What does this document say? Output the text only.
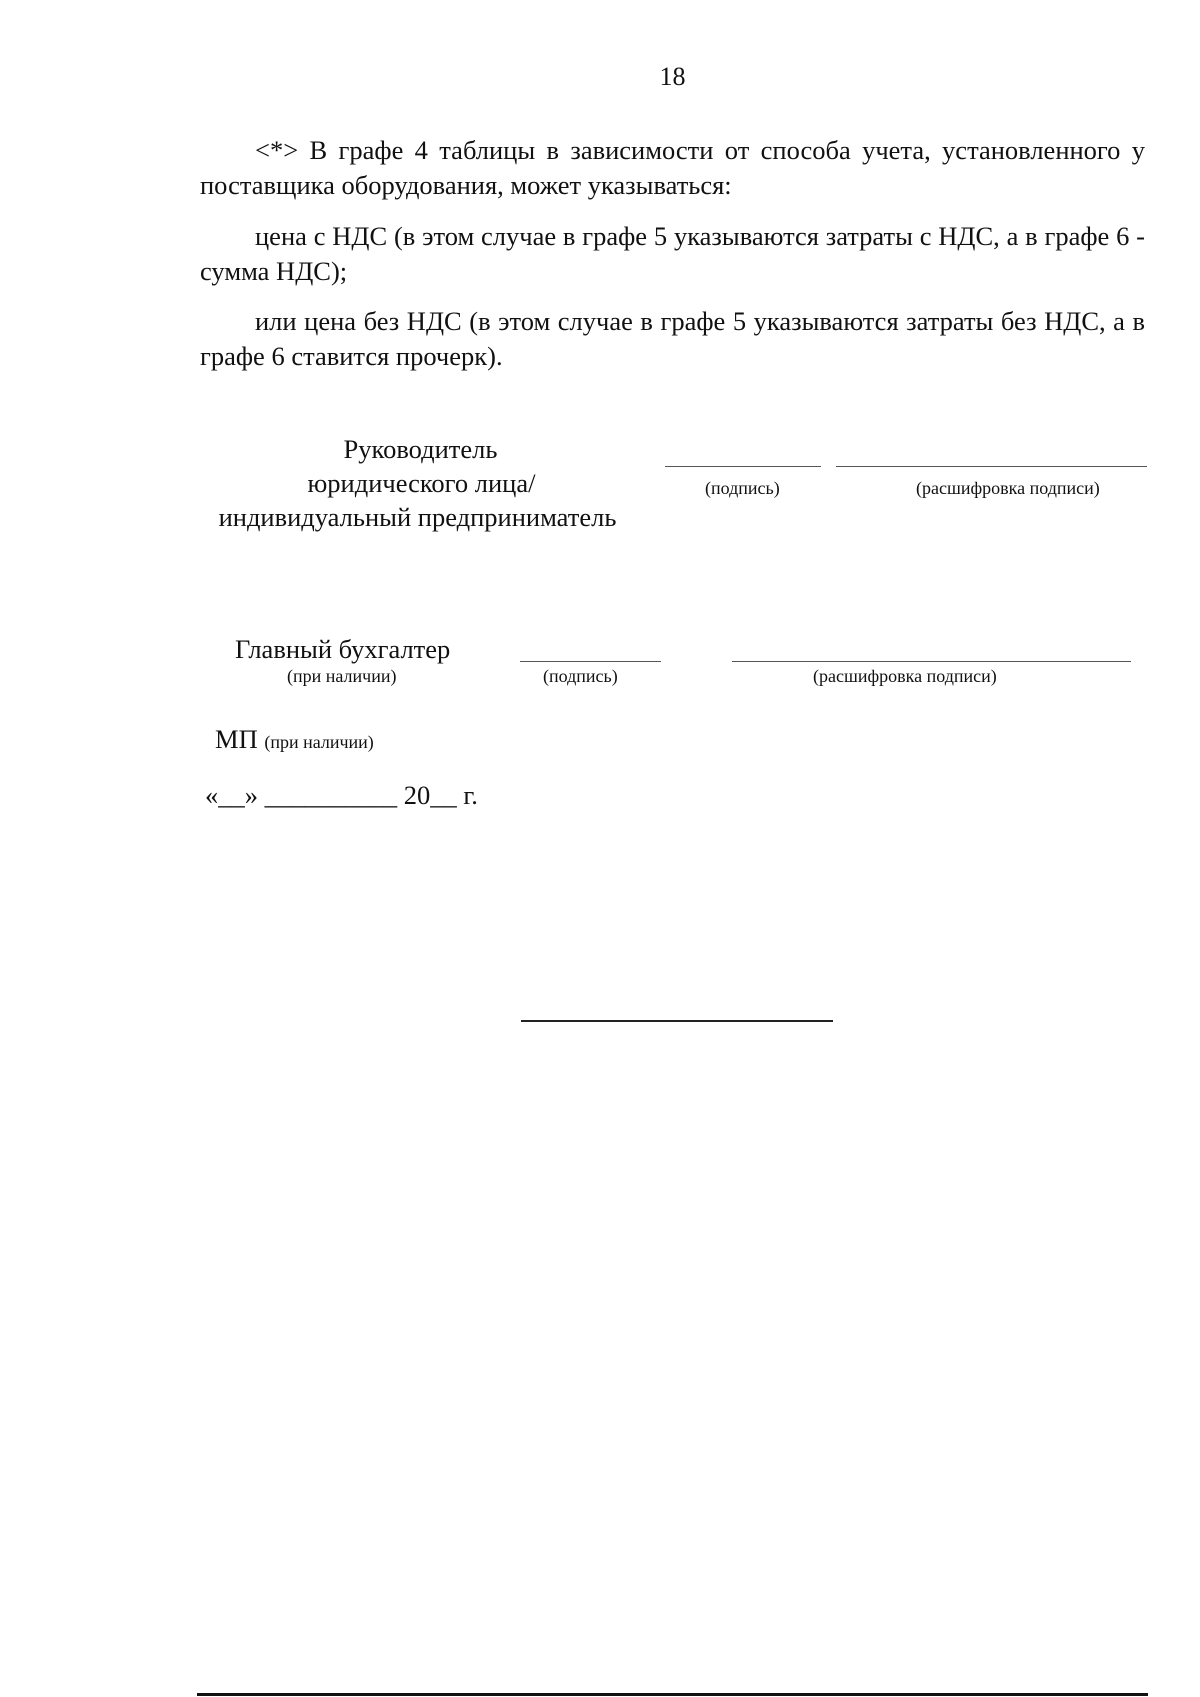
18

<*> В графе 4 таблицы в зависимости от способа учета, установленного у поставщика оборудования, может указываться:

цена с НДС (в этом случае в графе 5 указываются затраты с НДС, а в графе 6 - сумма НДС);

или цена без НДС (в этом случае в графе 5 указываются затраты без НДС, а в графе 6 ставится прочерк).

Руководитель
юридического лица/
индивидуальный предприниматель
(подпись)	(расшифровка подписи)
Главный бухгалтер
(при наличии)	(подпись)	(расшифровка подписи)
МП (при наличии)
«__» __________ 20__ г.
